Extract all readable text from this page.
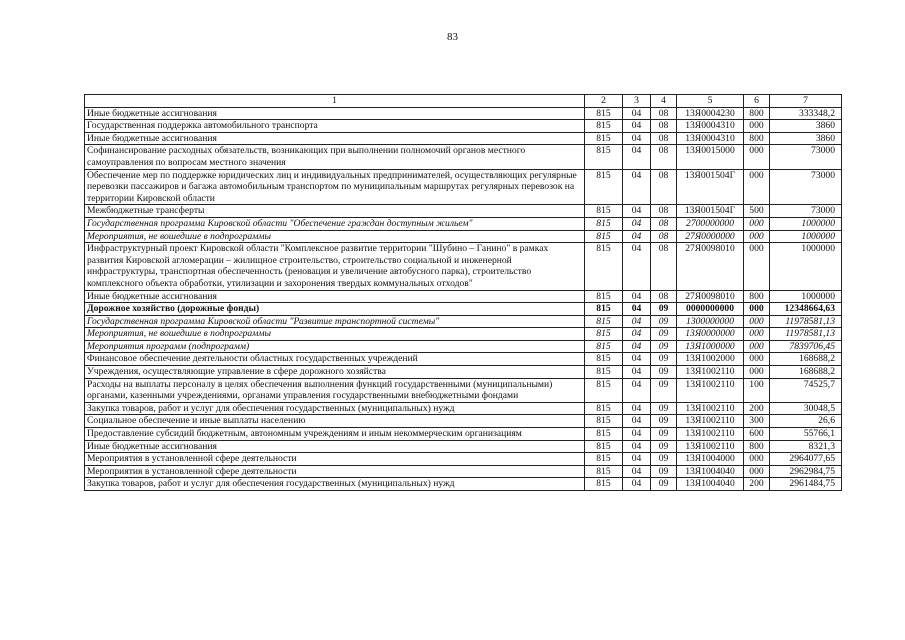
83
1	2	3	4	5	6	7
Иные бюджетные ассигнования	815	04	08	13Я0004230	800	333348,2
Государственная поддержка автомобильного транспорта	815	04	08	13Я0004310	000	3860
Иные бюджетные ассигнования	815	04	08	13Я0004310	800	3860
Софинансирование расходных обязательств, возникающих при выполнении полномочий органов местного самоуправления по вопросам местного значения	815	04	08	13Я0015000	000	73000
Обеспечение мер по поддержке юридических лиц и индивидуальных предпринимателей, осуществляющих регулярные перевозки пассажиров и багажа автомобильным транспортом по муниципальным маршрутах регулярных перевозок на территории Кировской области	815	04	08	13Я001504Г	000	73000
Межбюджетные трансферты	815	04	08	13Я001504Г	500	73000
Государственная программа Кировской области "Обеспечение граждан доступным жильем"	815	04	08	2700000000	000	1000000
Мероприятия, не вошедшие в подпрограммы	815	04	08	27Я0000000	000	1000000
Инфраструктурный проект Кировской области "Комплексное развитие территории "Шубино – Ганино" в рамках развития Кировской агломерации – жилищное строительство, строительство социальной и инженерной инфраструктуры, транспортная обеспеченность (реновация и увеличение автобусного парка), строительство комплексного объекта обработки, утилизации и захоронения твердых коммунальных отходов"	815	04	08	27Я0098010	000	1000000
Иные бюджетные ассигнования	815	04	08	27Я0098010	800	1000000
Дорожное хозяйство (дорожные фонды)	815	04	09	0000000000	000	12348664,63
Государственная программа Кировской области "Развитие транспортной системы"	815	04	09	1300000000	000	11978581,13
Мероприятия, не вошедшие в подпрограммы	815	04	09	13Я0000000	000	11978581,13
Мероприятия программ (подпрограмм)	815	04	09	13Я1000000	000	7839706,45
Финансовое обеспечение деятельности областных государственных учреждений	815	04	09	13Я1002000	000	168688,2
Учреждения, осуществляющие управление в сфере дорожного хозяйства	815	04	09	13Я1002110	000	168688,2
Расходы на выплаты персоналу в целях обеспечения выполнения функций государственными (муниципальными) органами, казенными учреждениями, органами управления государственными внебюджетными фондами	815	04	09	13Я1002110	100	74525,7
Закупка товаров, работ и услуг для обеспечения государственных (муниципальных) нужд	815	04	09	13Я1002110	200	30048,5
Социальное обеспечение и иные выплаты населению	815	04	09	13Я1002110	300	26,6
Предоставление субсидий бюджетным, автономным учреждениям и иным некоммерческим организациям	815	04	09	13Я1002110	600	55766,1
Иные бюджетные ассигнования	815	04	09	13Я1002110	800	8321,3
Мероприятия в установленной сфере деятельности	815	04	09	13Я1004000	000	2964077,65
Мероприятия в установленной сфере деятельности	815	04	09	13Я1004040	000	2962984,75
Закупка товаров, работ и услуг для обеспечения государственных (муниципальных) нужд	815	04	09	13Я1004040	200	2961484,75
